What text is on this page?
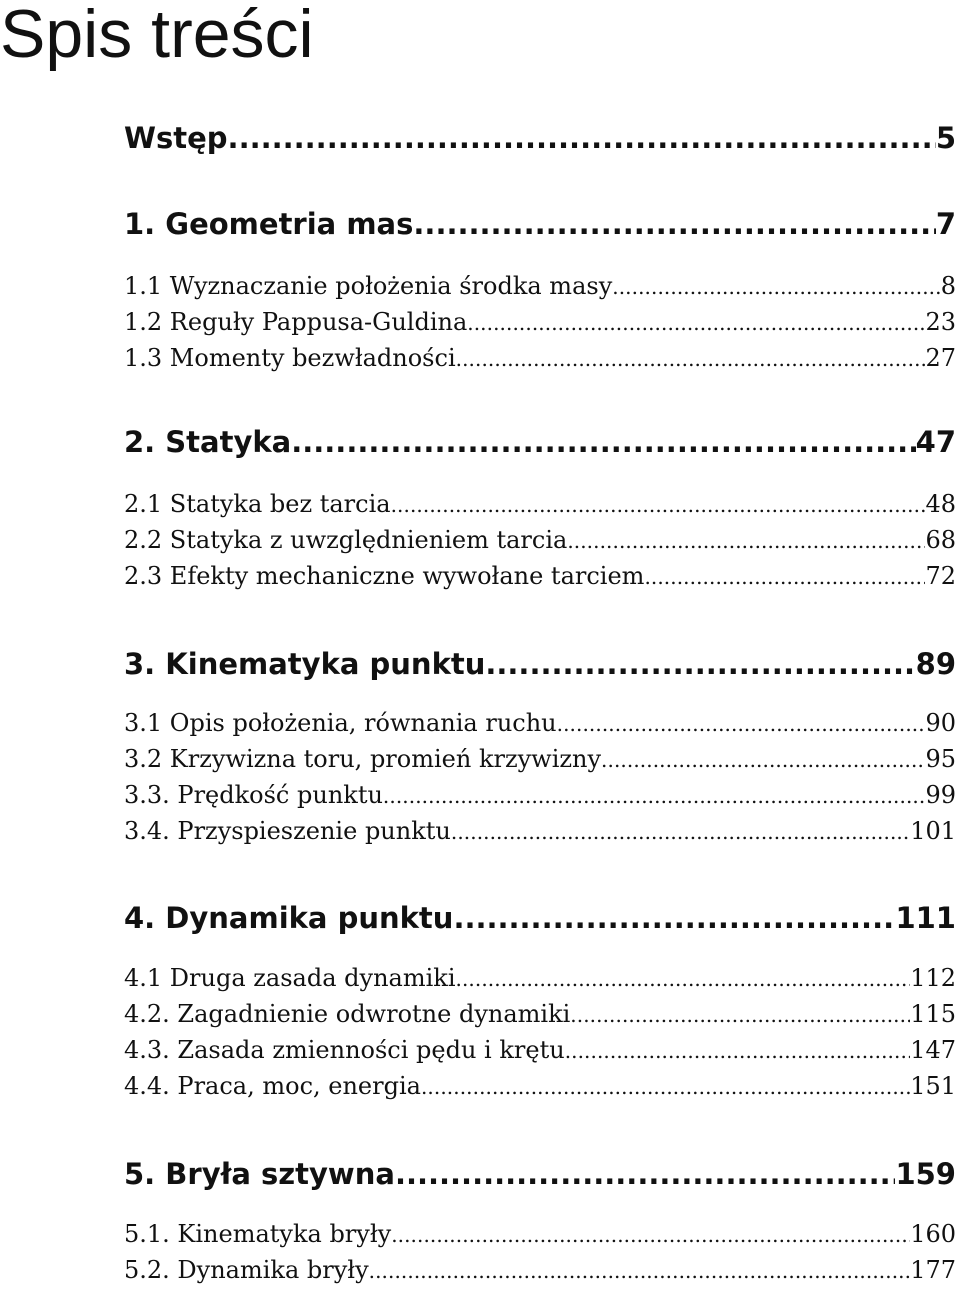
Spis treści
Wstęp .....	5
1. Geometria mas .....	7
1.1 Wyznaczanie położenia środka masy .....	8
1.2 Reguły Pappusa-Guldina .....	23
1.3 Momenty bezwładności .....	27
2. Statyka .....	47
2.1 Statyka bez tarcia .....	48
2.2 Statyka z uwzględnieniem tarcia .....	68
2.3 Efekty mechaniczne wywołane tarciem .....	72
3. Kinematyka punktu .....	89
3.1 Opis położenia, równania ruchu .....	90
3.2 Krzywizna toru, promień krzywizny .....	95
3.3. Prędkość punktu .....	99
3.4. Przyspieszenie punktu .....	101
4. Dynamika punktu .....	111
4.1 Druga zasada dynamiki .....	112
4.2. Zagadnienie odwrotne dynamiki .....	115
4.3. Zasada zmienności pędu i krętu .....	147
4.4. Praca, moc, energia .....	151
5. Bryła sztywna .....	159
5.1. Kinematyka bryły .....	160
5.2. Dynamika bryły .....	177
